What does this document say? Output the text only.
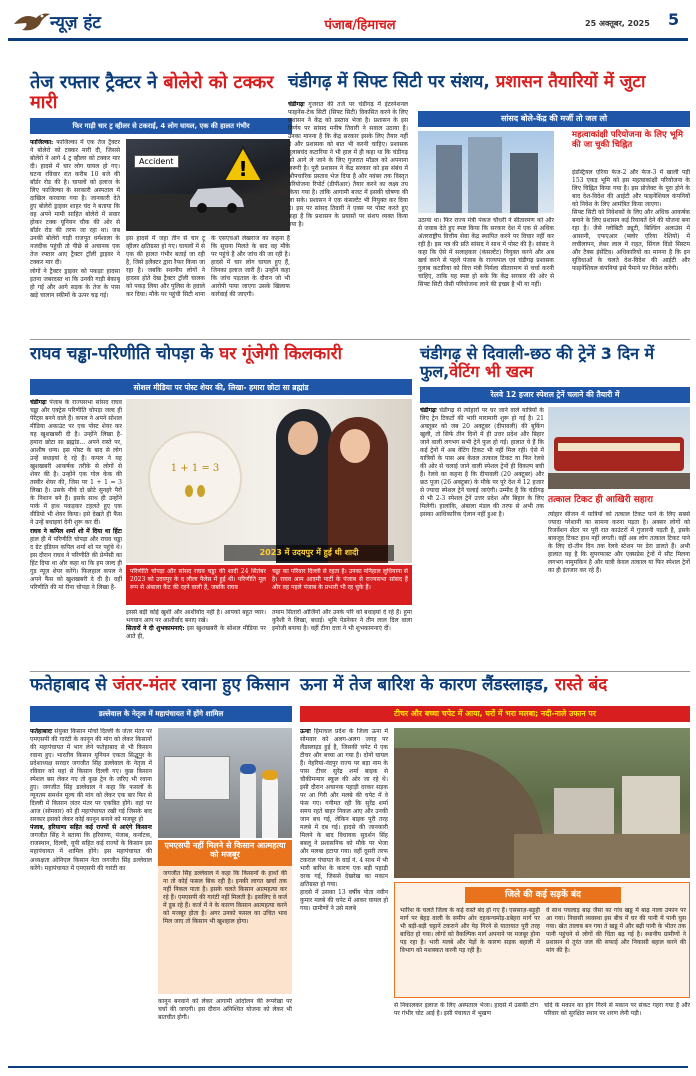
न्यूज़ हंट	पंजाब/हिमाचल	25 अक्तूबर, 2025 5
तेज रफ्तार ट्रैक्टर ने बोलेरो को टक्कर मारी
फिर गाड़ी चार ट्र व्हीलर से टकराई, 4 लोग घायल, एक की हालत गंभीर
फाजिल्का: फाजिल्का में एक तेज ट्रैक्टर ने बोलेरो को टक्कर मारी दी, जिससे बोलेरो ने आगे 4 ट्र व्हीलर को टक्कर मार दी। हादसे में चार लोग घायल हो गए। घटना रविवार रात करीब 10 बजे की बॉर्डर रोड की है। घायलों को इलाज के लिए फाजिल्का के सरकारी अस्पताल में दाखिल करवाया गया है। जानकारी देते हुए बोलेरो ड्राइवर शाहर चंद ने बताया कि वह अपने मामी साहित बोलेरो में सवार होकर टक्क यूनियन चौक की ओर से बॉर्डर रोड की तरफ जा रहा था। जब उनकी बोलेरो गाड़ी राजपूत धर्मशाला के नजदीक पहुंची तो पीछे से अचानक एक तेज रफ्तार आए ट्रैक्टर ट्रॉली ड्राइवर ने टक्कर मार दी।
लोगों ने ट्रैक्टर ड्राइवर को पकड़ाः हादसा इतना जबरदस्त था कि उनकी गाड़ी बेकाबू हो गई और आगे सड़क के तेज के पास खड़े चालान स्कीमों के ऊपर चढ़ गई।
!
Accident
इस हादसे में जहा तीन से चार टू व्हीलर क्षतिग्रस्त हो गए। घायलों में से एक की हालत गंभीर बताई जा रही है, जिसे इलैक्टर द्वारा रैफर किया जा रहा है। जबकि स्थानीय लोगों ने हादसा होते देख ट्रैक्टर ट्रॉली चालक को पकड़ लिया और पुलिस के हवाले कर दिया। मौके पर पहुंची सिटी थाना के एसएचओ लेखराज का कहना है कि सूचना मिलते के बाद वह मौके पर पहुंचे हैं और जांच की जा रही है। हादसे में चार लोग घायल हुए हैं, जिनका इलाज जारी है। उन्होंने कहा कि जांच पड़ताल के दौरान जो भी आरोपी पाया जाएगा उसके खिलाफ कार्रवाई की जाएगी।
चंडीगढ़ में सिफ्ट सिटी पर संशय, प्रशासन तैयारियों में जुटा
सांसद बोले-केंद्र की मर्जी तो जल लो
चंडीगढ़ः गुजरात की तर्ज पर चंडीगढ़ में इंटरनेशनल फाइनेंस-टेक सिटी (सिफ्ट सिटी) विकसित करने के लिए प्रशासन ने केंद्र को प्रस्ताव भेजा है। प्रशासन के इस निर्णय पर सांसद मनीष तिवारी ने सवाल उठाया है। उनका मानना है कि केंद्र सरकार इसके लिए तैयार नहीं है और प्रशासक को बात भी करनी चाहिए। प्रशासक गुलाबचंद कटारिया ने भी हाल में ही कहा था कि चंडीगढ़ को आगे ले जाने के लिए गुजरात मॉडल को अपनाना जरूरी है। पूरी प्रशासन ने केंद्र सरकार को इस संबंध में औपचारिक प्रस्ताव भेज दिया है और नवंबर तक विस्तृत परियोजना रिपोर्ट (डीपीआर) तैयार करने का लक्ष्य तय किया गया है। तांकि आगामी बजट में इसकी घोषणा की जा सके। प्रशासन ने एक कंसल्टेंट भी नियुक्त कर दिया है। इस पर सांसद तिवारी ने एक्स पर पोस्ट करते हुए कहा है कि प्रशासन के प्रयासों पर संशय व्यक्त किया गया है।
उठाया था। फिर राज्य मंत्री पंकज चौधरी ने सीतारमण को और से जवाब देते हुए स्पष्ट किया कि सरकार देश में एक से अधिक अंतरराष्ट्रीय वित्तीय सेवा केंद्र स्थापित करने पर विचार नहीं कर रही है। इस पत्र की प्रति सांसद ने साथ में पोस्ट की है। सांसद ने कहा कि ऐसे में सलाहकार (कंसल्टेंट) नियुक्त करने और अब खर्च करने से पहले पंजाब के राज्यपाल एवं चंडीगढ़ प्रशासक गुलाब कटारिया को वित्त मंत्री निर्मला सीतारमण से चर्चा करनी चाहिए, ताकि यह स्पष्ट हो सके कि केंद्र सरकार की ओर से सिफ्ट सिटी जैसी परियोजना लाने की इच्छा है भी या नहीं।
महत्वाकांक्षी परियोजना के लिए भूमि की जा चुकी चिह्नित
इंडस्ट्रियल एरिया फेज-2 और फेज-3 में खाली पड़ी 153 एकड़ भूमि को इस महत्वाकांक्षी परियोजना के लिए चिह्नित किया गया है। इस प्रोजेक्ट के पूरा होने के बाद देश-विदेश की आईटी और फाइनेंशियल कंपनियों को निवेश के लिए आमंत्रित किया जाएगा।
सिफ्ट सिटी को निवेशकों के लिए और अधिक आकर्षक बनाने के लिए प्रशासन कई रियायतें देने की योजना बना रहा है। जैसे ग्लोबिटी ड्यूटी, बिल्डिंग अलाउंस में आसानी, एफएआर (फ्लोर एरिया रेशियो) में लचीलापन, लेबर लाल में राहत, सिंगल विंडो सिस्टम और टैक्स इंसेंटिव। अधिकारियों का मानना है कि इन सुविधाओं के चलते देश-विदेश की आईटी और फाइनेंशियल कंपनियां इसे पैमाने पर निवेश करेंगी।
राघव चड्ढा-परिणीति चोपड़ा के घर गूंजेगी किलकारी
सोशल मीडिया पर पोस्ट शेयर की, लिखा- हमारा छोटा सा ब्रह्मांड
चंडीगढ़ः पंजाब के राज्यसभा सांसद राघव चड्ढा और एक्ट्रेस परिणीति चोपड़ा जल्द ही पेरेंट्स बनने वाले हैं। कपल ने अपने सोशल मीडिया अकाउंट पर एक पोस्ट शेयर कर यह खुशखबरी दी है। उन्होंने लिखा है- हमारा छोटा सा ब्रह्मांड... अपने रास्ते पर, आशीष धन्य। इस पोस्ट के बाद से लोग उन्हें बधाइयां दे रहे हैं। कपल ने यह खुशखबरी आकर्षक तरीके से लोगों से शेयर की है। उन्होंने एक गोल केक की तस्वीर शेयर की, जिस पर 1 + 1 = 3 लिखा है। उसके नीचे दो छोटे सुनहरे पैरों के निशान बने हैं। इसके साथ ही उन्होंने पार्क में हाथ पकड़कर टहलते हुए एक वीडियो भी शेयर किया। इसे देखते ही फैंस ने उन्हें बधाइयां देनी शुरू कर दीं।
राघव ने कपिल शर्मा शो में दिया था हिंटः हाल ही में परिणीति चोपड़ा और राघव चड्ढा द ग्रेट इंडियन कपिल शर्मा शो पर पहुंचे थे। इस दौरान राघव ने परिणीति की प्रेग्नेंसी का हिंट दिया था और कहा था कि हम जल्द ही गुड न्यूज़ शेयर करेंगे। फिलहाल कपल ने अपने फैंस को खुशखबरी दे दी है। वहीं परिणीति की मां रीना चोपड़ा ने लिखा है-
1 + 1 = 3
2023 में उदयपुर में हुई थी शादी
परिणीति चोपड़ा और सांसद राघव चड्ढा की शादी 24 सितंबर 2023 को उदयपुर के द लीला पैलेस में हुई थी। परिणीति मूल रूप से अंबाला कैंट की रहने वाली हैं, जबकि राघव
चड्ढा का परिवार दिल्ली से रहता है। उनका ननिहाल लुधियाना से है। राघव आम आदमी पार्टी के पंजाब से राज्यसभा सांसद हैं और वह पहले पंजाब के प्रभारी भी रह चुके हैं।
इससे बड़ी कोई खुशी और आशीर्वाद नहीं है। आपको बहुत प्यार। भगवान आप पर आशीर्वाद बनाए रखे।
सितारों ने दी शुभकामनाएं: इस खुशखबरी के सोशल मीडिया पर आते ही,
तमाम सितारों ओर्जिनों और उनके परि को बधाइयां दे रहे हैं। हुमा कुरैशी ने लिखा, बधाई। भूमि पेडनेकर ने तीन लाल दिल वाला इमोजी बनाया है। वहीं टीना दत्ता ने भी शुभकामनाएं दीं।
चंडीगढ़ से दिवाली-छठ की ट्रेनें 3 दिन में फुल,वेटिंग भी खत्म
रेलवे 12 हजार स्पेशल ट्रेनें चलाने की तैयारी में
चंडीगढ़ः चंडीगढ़ से त्योहारों पर घर जाने वाले यात्रियों के लिए ट्रेन टिकटों की भारी मारामारी शुरू हो गई है। 21 अक्तूबर को जब 20 अक्टूबर (दीपावली) की बुकिंग खुली, तो सिर्फ तीन दिनों में ही उत्तर प्रदेश और बिहार जाने वाली लगभग सभी ट्रेनें फुल हो गईं। हालात ये हैं कि कई ट्रेनों में अब वेटिंग टिकट भी नहीं मिल रही। ऐसे में यात्रियों के पास अब केवल तत्काल टिकट या फिर रेलवे की ओर से चलाई जाने वाली स्पेशल ट्रेनों ही विकल्प बची हैं। रेलवे का कहना है कि दीपावली (20 अक्टूबर) और छठ पूजा (26 अक्टूबर) के मौके पर पूरे देश में 12 हजार से ज्यादा स्पेशल ट्रेनें चलाई जाएंगी। उम्मीद है कि चंडीगढ़ से भी 2-3 स्पेशल ट्रेनें उत्तर प्रदेश और बिहार के लिए मिलेंगी। हालांकि, अंबाला मंडल की तरफ से अभी तक इसका आधिकारिक ऐलान नहीं हुआ है।
तत्काल टिकट ही आखिरी सहारा
त्योहार सीजन में यात्रियों को तत्काल टिकट पाने के लिए सबसे ज्यादा परेशानी का सामना करना पड़ता है। अक्सर लोगों को रिजर्वेशन सेंटर पर पूरी रात काउंटरों में गुजारनी पड़ती है, इसके बावजूद टिकट हाथ नहीं लगती। वहीं अब लोग तत्काल टिकट पाने के लिए दो-तीन दिन तक रेलवे स्टेशन पर डेरा डालते हैं। अभी हालात यह है कि सुपरफास्ट और एक्सप्रेस ट्रेनों में सीट मिलना लगभग नामुमकिन है और यात्री केवल तत्काल या फिर स्पेशल ट्रेनों का ही इंतजार कर रहे हैं।
फतेहाबाद से जंतर-मंतर रवाना हुए किसान
डल्लेवाल के नेतृत्व में महापंचायत में होंगे शामिल
फतेहाबादः संयुक्त किसान मोर्चा दिल्ली के जंतर मंतर पर एमएसपी की गारंटी के कानून की मांग को लेकर किसानों की महापंचायत में भाग लेने फतेहाबाद से भी किसान रवाना हुए। भारतीय किसान यूनियन एकता सिद्धूपुर के प्रदेशाध्यक्ष सरदार जगजीत सिंह डल्लेवाल के नेतृत्व में रविवार को यहां से किसान दिल्ली गए। कुछ किसान स्पेशल बस लेकर गए तो कुछ ट्रेन के जरिए भी रवाना हुए। जगजीत सिंह डल्लेवाल ने कहा कि फसलों के न्यूनतम समर्थन मूल्य की मांग को लेकर एक बार फिर से दिल्ली में किसान जंतर मंतर पर एकत्रित होंगे। वहां पर आज (सोमवार) को ही महापंचायत रखी गई जिसके बाद सरकार इसको लेकर कोई कानून बनाने को मजबूर हो
पंजाब, हरियाणा सहित कई राज्यों से आएंगे किसानः जगजीत सिंह ने बताया कि हरियाणा, पंजाब, कर्नाटक, राजस्थान, दिल्ली, यूपी सहित कई राज्यों के किसान इस महापंचायत में शामिल होंगे। इस महापंचायत की अध्यक्षता ओनिएल किसान नेता जगजीत सिंह डल्लेवाल करेंगे। महापंचायत में एमएसपी की गारंटी का
एमएसपी नहीं मिलने से किसान आत्महत्या को मजबूर
जगजीत सिंह डल्लेवाल ने कहा कि किसानों के हाथों की ना तो कोई फसल बिक रही है। इनकी लागत खर्चा तक नहीं निकल पाता है। इसके चलते किसान आत्महत्या कर रहे हैं। एमएसपी की गारंटी नहीं मिलती है। इसलिए वे कर्ज में डूब रहे हैं। कर्ज में ने के कारण किसान आत्महत्या करने को मजबूर होता है। अगर उनको फसल का उचित भाव मिल जाए तो किसान भी खुशहाल होगा।
कानून बनवाने को लेकर आगामी आंदोलन की रूपरेखा पर चर्चा की जाएगी। इस दौरान अनिश्चित योजना को लेकर भी बातचीत होगी।
ऊना में तेज बारिश के कारण लैंडस्लाइड, रास्ते बंद
टीचर और बच्चा चपेट में आया, घरों में भरा मलबा; नदी-नाले उफान पर
ऊनाः हिमाचल प्रदेश के जिला ऊना में सोमवार को अलग-अलग जगह पर लैंडस्लाइड हुई है, जिसकी चपेट में एक टीचर और बच्चा आ गया है। दोनों घायल हैं। नेहरियां-नंदपुर राज्य पर बड़ा नाम के पास टीचर सुरेंद्र शर्मा बाइक से चौकीमन्यार स्कूल की ओर जा रहे थे। इसी दौरान अचानक पहाड़ी दरकर सड़क पर आ गिरी और मलबे की चपेट में वे फंस गए। गनीमत रही कि सुरेंद्र शर्मा समय रहते बाहर निकल आए और उनकी जान बच गई, लेकिन बाइक पूरी तरह मलबे में दब गई। हादसे की जानकारी मिलने के बाद विधायक सुदर्शन सिंह बबलू ने प्रशासनिक को मौके पर भेजा और मलबा हटाया गया। वहीं दूसरी तरफ टकराल पंचायत के वार्ड नं. 4 साथ में भी भारी बारिश के कारण एक बड़ी पहाड़ी दरक गई, जिससे देखरेख का मकान क्षतिग्रस्त हो गया।
हादसे में उसका 13 वर्षीय पोता नवीन कुमार मलबे की चपेट में आकर घायल हो गया। ग्रामीणों ने उसे मलबे
जिले की कई सड़कें बंद
भारिश के चलते जिला के कई रास्ते बंद हो गए हैं। एससाज़-बड़ूही मार्ग पर बेहड़ वाली के समीप ओर दहकन्चमोड़-डबेहरा मार्ग पर भी बड़ी-बड़ी चट्टानें टकराने और पेड़ गिरने से यातायात पूरी तरह बाधित हो गया। लोगों को वैकल्पिक मार्ग अपनाने पर मजबूर होना पड़ रहा है। भारी मलबे और पेड़ों के कारण सड़क बहाली में विभाग को मशक्कत करनी पड़ रही है।
वे साथ पचलाड़ बाढ़ जैसा का गांव खड्ड में बाढ़ नाला उफान पर आ गया। निवासी व्यवस्था इस बीच में घर की पानी में पानी घुस गया। खेत तालाब बन गया ते खड्ड में और बढ़ी पानी के भीतर तक पानी पहुंचने से लोगों की चिंता बढ़ गई है। स्थानीय ग्रामीणों ने प्रशासन से तुरंत जल की सफाई और निकासी बहाल करने की मांग की है।
से निकालकर इलाज के लिए अस्पताल भेजा। हादसे में उसकी टांग पर गंभीर चोट आई है। इसी पंचायत में भूखण
चांदे के मकान का हांग गिरने से मकान पर संकट गहरा गया है और परिवार को सुरक्षित स्थान पर शरण लेनी पड़ी।
